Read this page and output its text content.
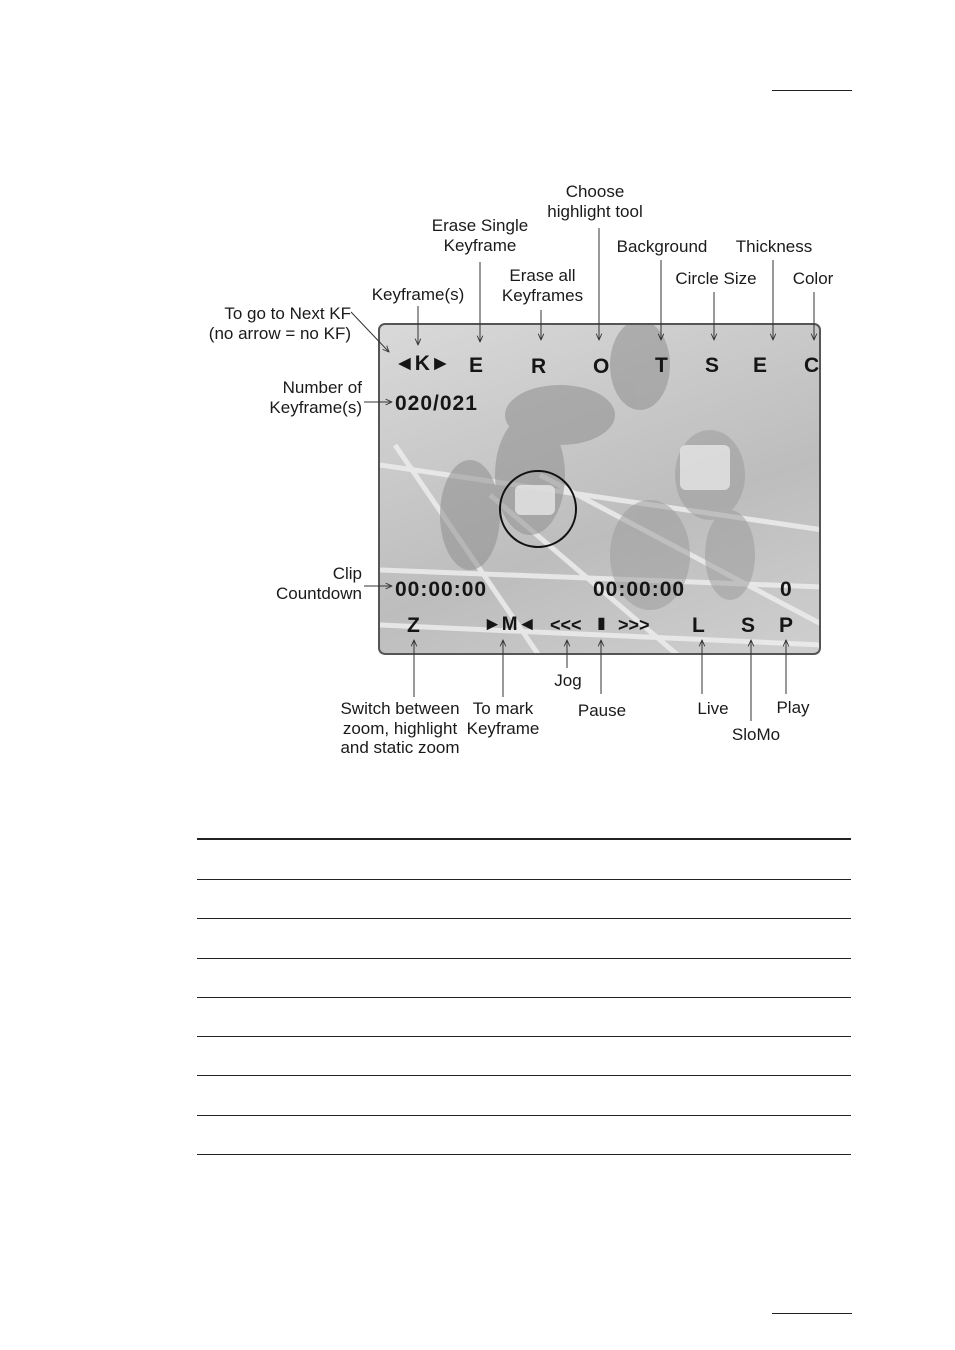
Choose
highlight tool
Erase Single
Keyframe
Erase all
Keyframes
Background	Thickness
Circle Size	Color
Keyframe(s)
To go to Next KF
(no arrow = no KF)
Number of
Keyframe(s)
Clip
Countdown
Switch between
zoom, highlight
and static zoom
To mark
Keyframe
Jog
Pause	Live
SloMo
Play
◄K► E R O T S E C
020/021
00:00:00	00:00:00	0
Z	►M◄ <<< ▮ >>> L S P
